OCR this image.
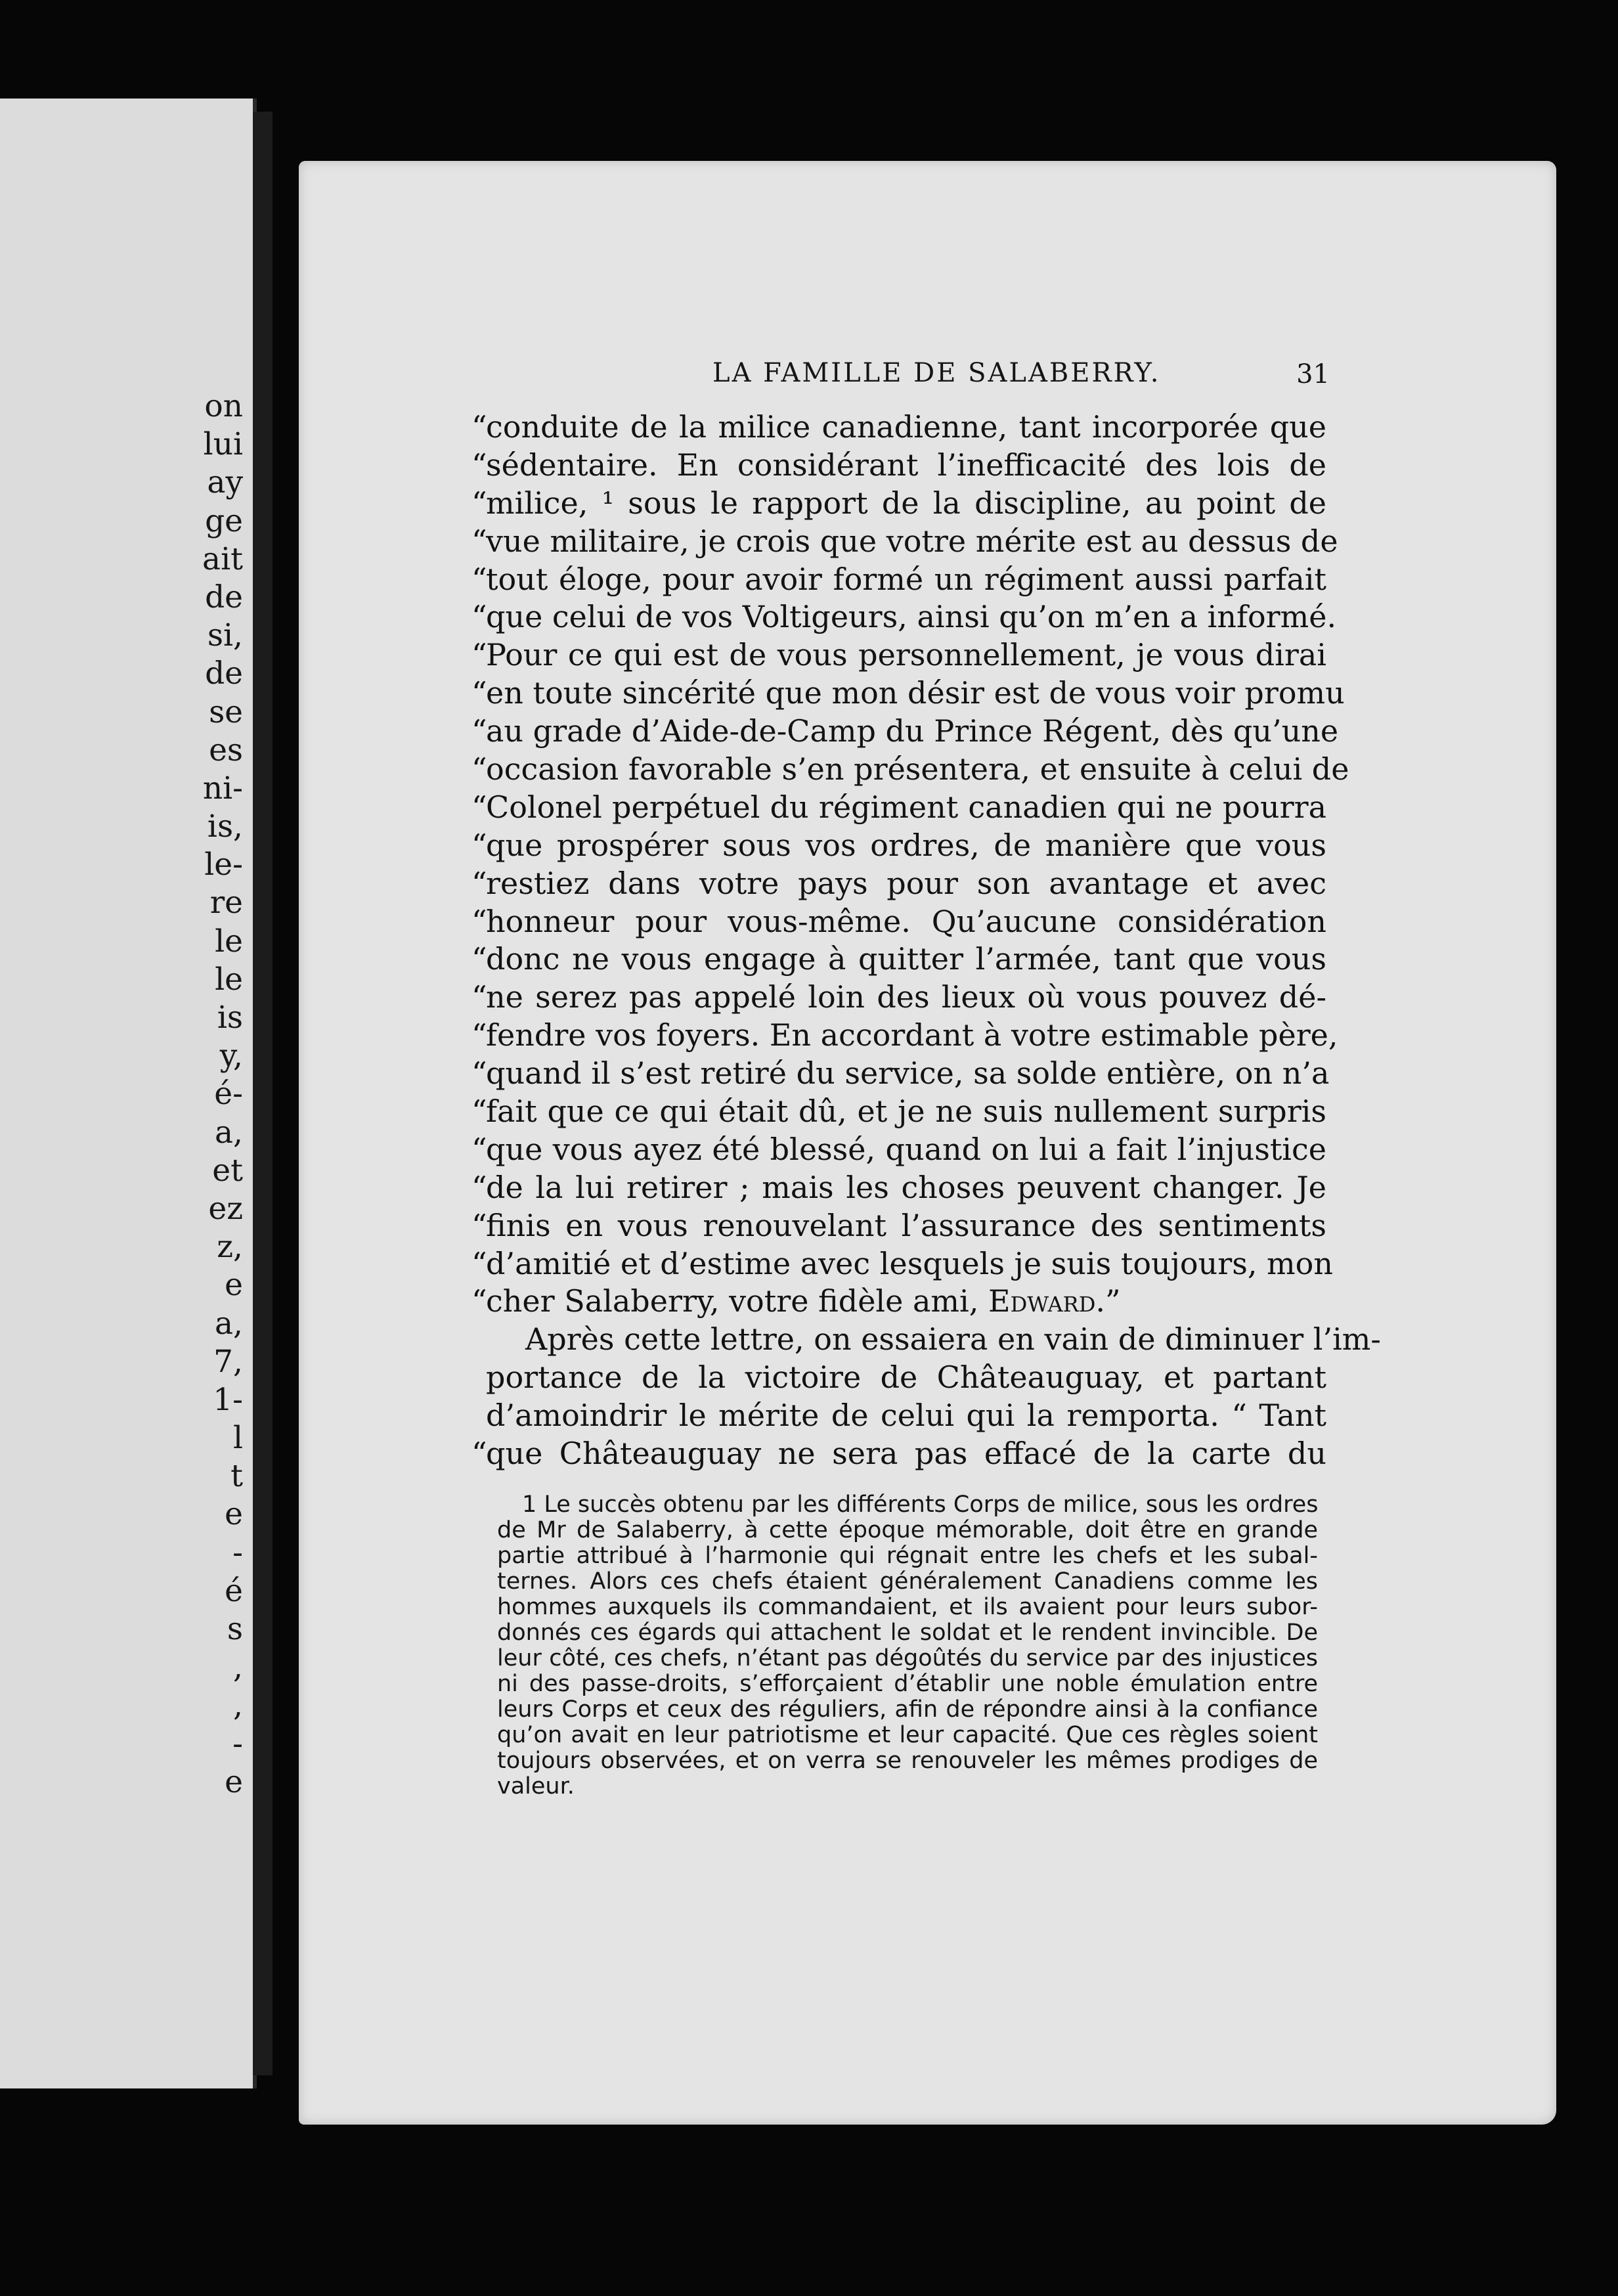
on
lui
ay
ge
ait
de
si,
de
se
es
ni-
is,
le-
re
le
le
is
y,
é-
a,
et
ez
z,
e
a,
7,
1-
l
t
e
-
é
s
,
,
-
e
LA FAMILLE DE SALABERRY.	31
“
conduite de la milice canadienne, tant incorporée que
“
sédentaire. En considérant l’inefficacité des lois de
“
milice, ¹ sous le rapport de la discipline, au point de
“
vue militaire, je crois que votre mérite est au dessus de
“
tout éloge, pour avoir formé un régiment aussi parfait
“
que celui de vos Voltigeurs, ainsi qu’on m’en a informé.
“
Pour ce qui est de vous personnellement, je vous dirai
“
en toute sincérité que mon désir est de vous voir promu
“
au grade d’Aide-de-Camp du Prince Régent, dès qu’une
“
occasion favorable s’en présentera, et ensuite à celui de
“
Colonel perpétuel du régiment canadien qui ne pourra
“
que prospérer sous vos ordres, de manière que vous
“
restiez dans votre pays pour son avantage et avec
“
honneur pour vous-même. Qu’aucune considération
“
donc ne vous engage à quitter l’armée, tant que vous
“
ne serez pas appelé loin des lieux où vous pouvez dé-
“
fendre vos foyers. En accordant à votre estimable père,
“
quand il s’est retiré du service, sa solde entière, on n’a
“
fait que ce qui était dû, et je ne suis nullement surpris
“
que vous ayez été blessé, quand on lui a fait l’injustice
“
de la lui retirer ; mais les choses peuvent changer. Je
“
finis en vous renouvelant l’assurance des sentiments
“
d’amitié et d’estime avec lesquels je suis toujours, mon
“
cher Salaberry, votre fidèle ami, Edward.”
Après cette lettre, on essaiera en vain de diminuer l’im-
portance de la victoire de Châteauguay, et partant
d’amoindrir le mérite de celui qui la remporta. “ Tant
“
que Châteauguay ne sera pas effacé de la carte du
1 Le succès obtenu par les différents Corps de milice, sous les ordres
de Mr de Salaberry, à cette époque mémorable, doit être en grande
partie attribué à l’harmonie qui régnait entre les chefs et les subal-
ternes. Alors ces chefs étaient généralement Canadiens comme les
hommes auxquels ils commandaient, et ils avaient pour leurs subor-
donnés ces égards qui attachent le soldat et le rendent invincible. De
leur côté, ces chefs, n’étant pas dégoûtés du service par des injustices
ni des passe-droits, s’efforçaient d’établir une noble émulation entre
leurs Corps et ceux des réguliers, afin de répondre ainsi à la confiance
qu’on avait en leur patriotisme et leur capacité. Que ces règles soient
toujours observées, et on verra se renouveler les mêmes prodiges de
valeur.
